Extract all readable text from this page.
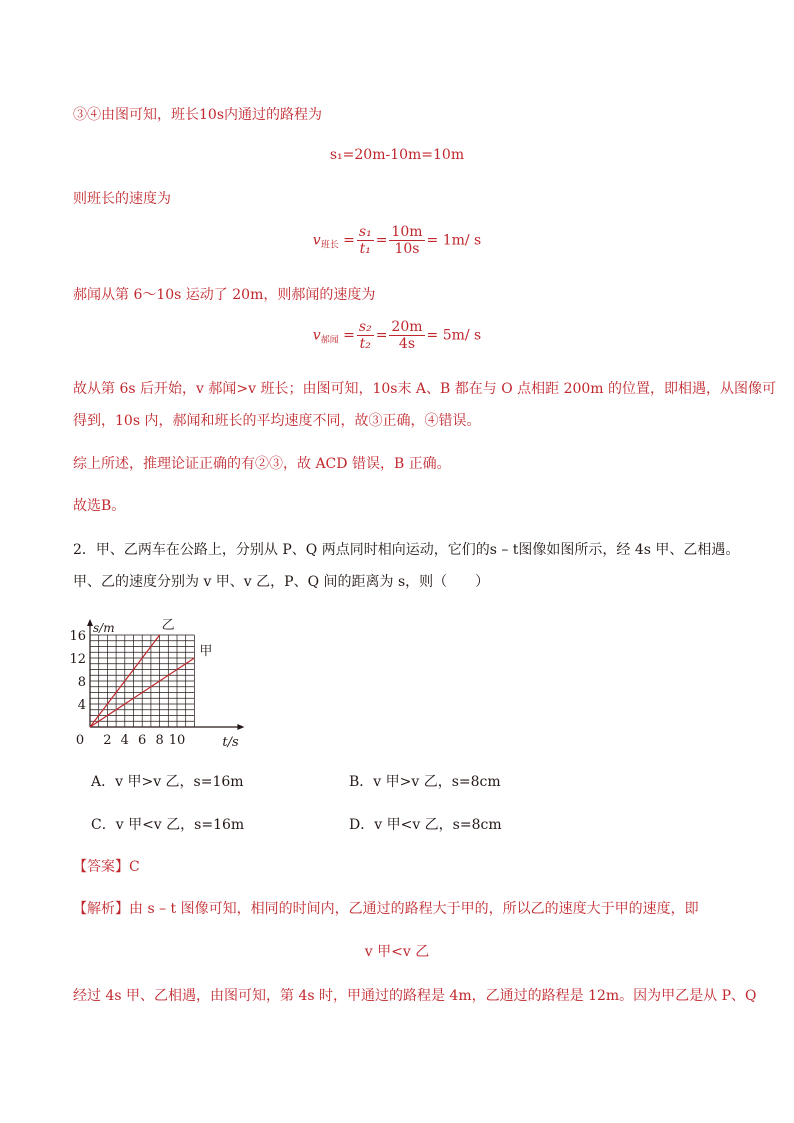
③④由图可知，班长10s内通过的路程为
s₁=20m-10m=10m
则班长的速度为
$v_{班长} = \frac{\text{s₁}}{\text{t₁}} = \frac{10m}{10s} = 1m/$ s
郝闻从第 6～10s 运动了 20m，则郝闻的速度为
$v_{郝闻} = \frac{\text{s₂}}{\text{t₂}} = \frac{20m}{4s} = 5m/$ s
故从第 6s 后开始，v 郝闻>v 班长；由图可知，10s末 A、B 都在与 O 点相距 200m 的位置，即相遇，从图像可
得到，10s 内，郝闻和班长的平均速度不同，故③正确，④错误。
综上所述，推理论证正确的有②③，故 ACD 错误，B 正确。
故选B。
2．甲、乙两车在公路上，分别从 P、Q 两点同时相向运动，它们的s – t图像如图所示，经 4s 甲、乙相遇。
甲、乙的速度分别为 v 甲、v 乙，P、Q 间的距离为 s，则（　　）
0 2 4 6 8 10
4
8
12
16
s/m
t/s
乙
甲
A．v 甲>v 乙，s=16m	B．v 甲>v 乙，s=8cm
C．v 甲<v 乙，s=16m	D．v 甲<v 乙，s=8cm
【答案】C
【解析】由 s – t 图像可知，相同的时间内，乙通过的路程大于甲的，所以乙的速度大于甲的速度，即
v 甲<v 乙
经过 4s 甲、乙相遇，由图可知，第 4s 时，甲通过的路程是 4m，乙通过的路程是 12m。因为甲乙是从 P、Q
